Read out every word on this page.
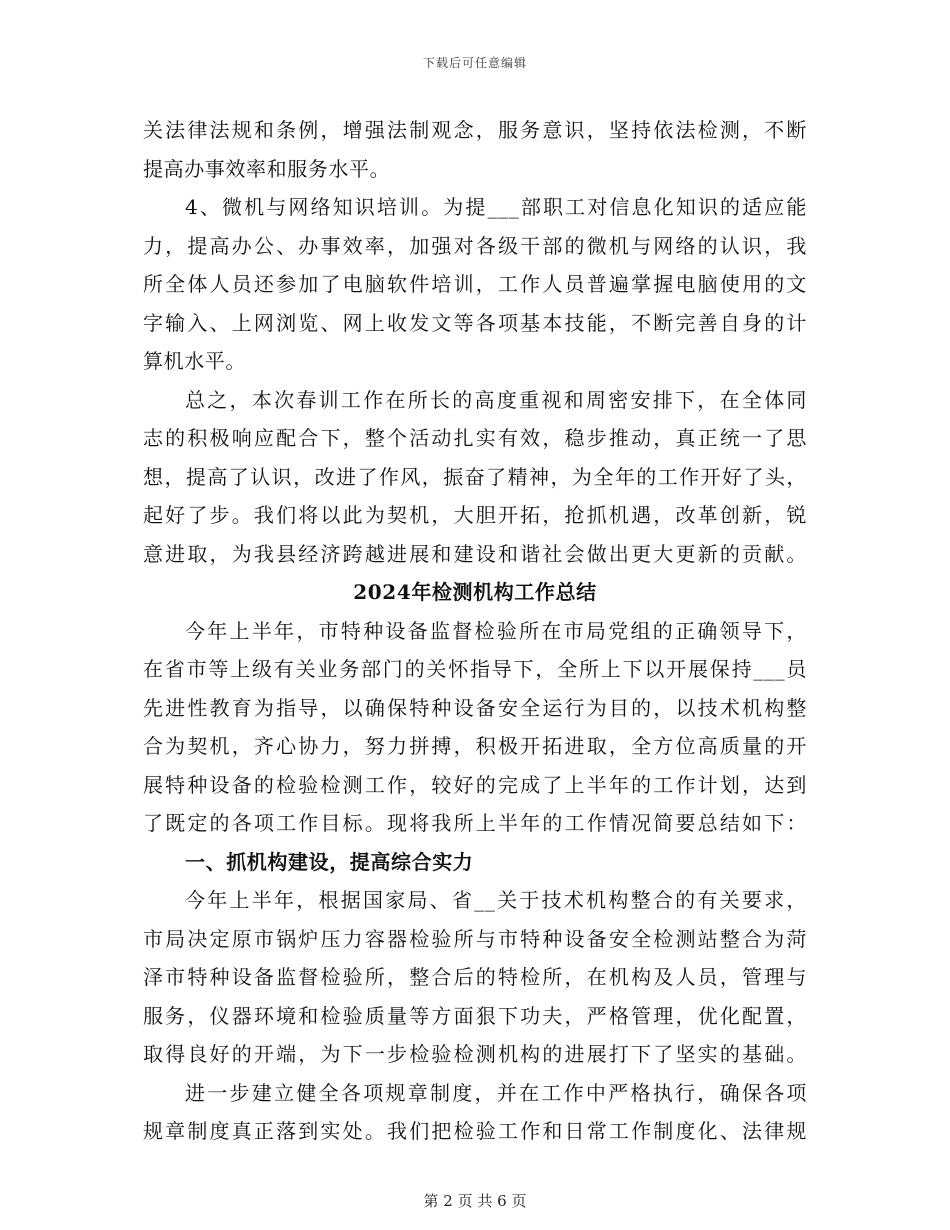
下载后可任意编辑
关法律法规和条例，增强法制观念，服务意识，坚持依法检测，不断
提高办事效率和服务水平。
4、微机与网络知识培训。为提___部职工对信息化知识的适应能
力，提高办公、办事效率，加强对各级干部的微机与网络的认识，我
所全体人员还参加了电脑软件培训，工作人员普遍掌握电脑使用的文
字输入、上网浏览、网上收发文等各项基本技能，不断完善自身的计
算机水平。
总之，本次春训工作在所长的高度重视和周密安排下，在全体同
志的积极响应配合下，整个活动扎实有效，稳步推动，真正统一了思
想，提高了认识，改进了作风，振奋了精神，为全年的工作开好了头，
起好了步。我们将以此为契机，大胆开拓，抢抓机遇，改革创新，锐
意进取，为我县经济跨越进展和建设和谐社会做出更大更新的贡献。
2024年检测机构工作总结
今年上半年，市特种设备监督检验所在市局党组的正确领导下，
在省市等上级有关业务部门的关怀指导下，全所上下以开展保持___员
先进性教育为指导，以确保特种设备安全运行为目的，以技术机构整
合为契机，齐心协力，努力拼搏，积极开拓进取，全方位高质量的开
展特种设备的检验检测工作，较好的完成了上半年的工作计划，达到
了既定的各项工作目标。现将我所上半年的工作情况简要总结如下：
一、抓机构建设，提高综合实力
今年上半年，根据国家局、省__关于技术机构整合的有关要求，
市局决定原市锅炉压力容器检验所与市特种设备安全检测站整合为菏
泽市特种设备监督检验所，整合后的特检所，在机构及人员，管理与
服务，仪器环境和检验质量等方面狠下功夫，严格管理，优化配置，
取得良好的开端，为下一步检验检测机构的进展打下了坚实的基础。
进一步建立健全各项规章制度，并在工作中严格执行，确保各项
规章制度真正落到实处。我们把检验工作和日常工作制度化、法律规
第 2 页 共 6 页
